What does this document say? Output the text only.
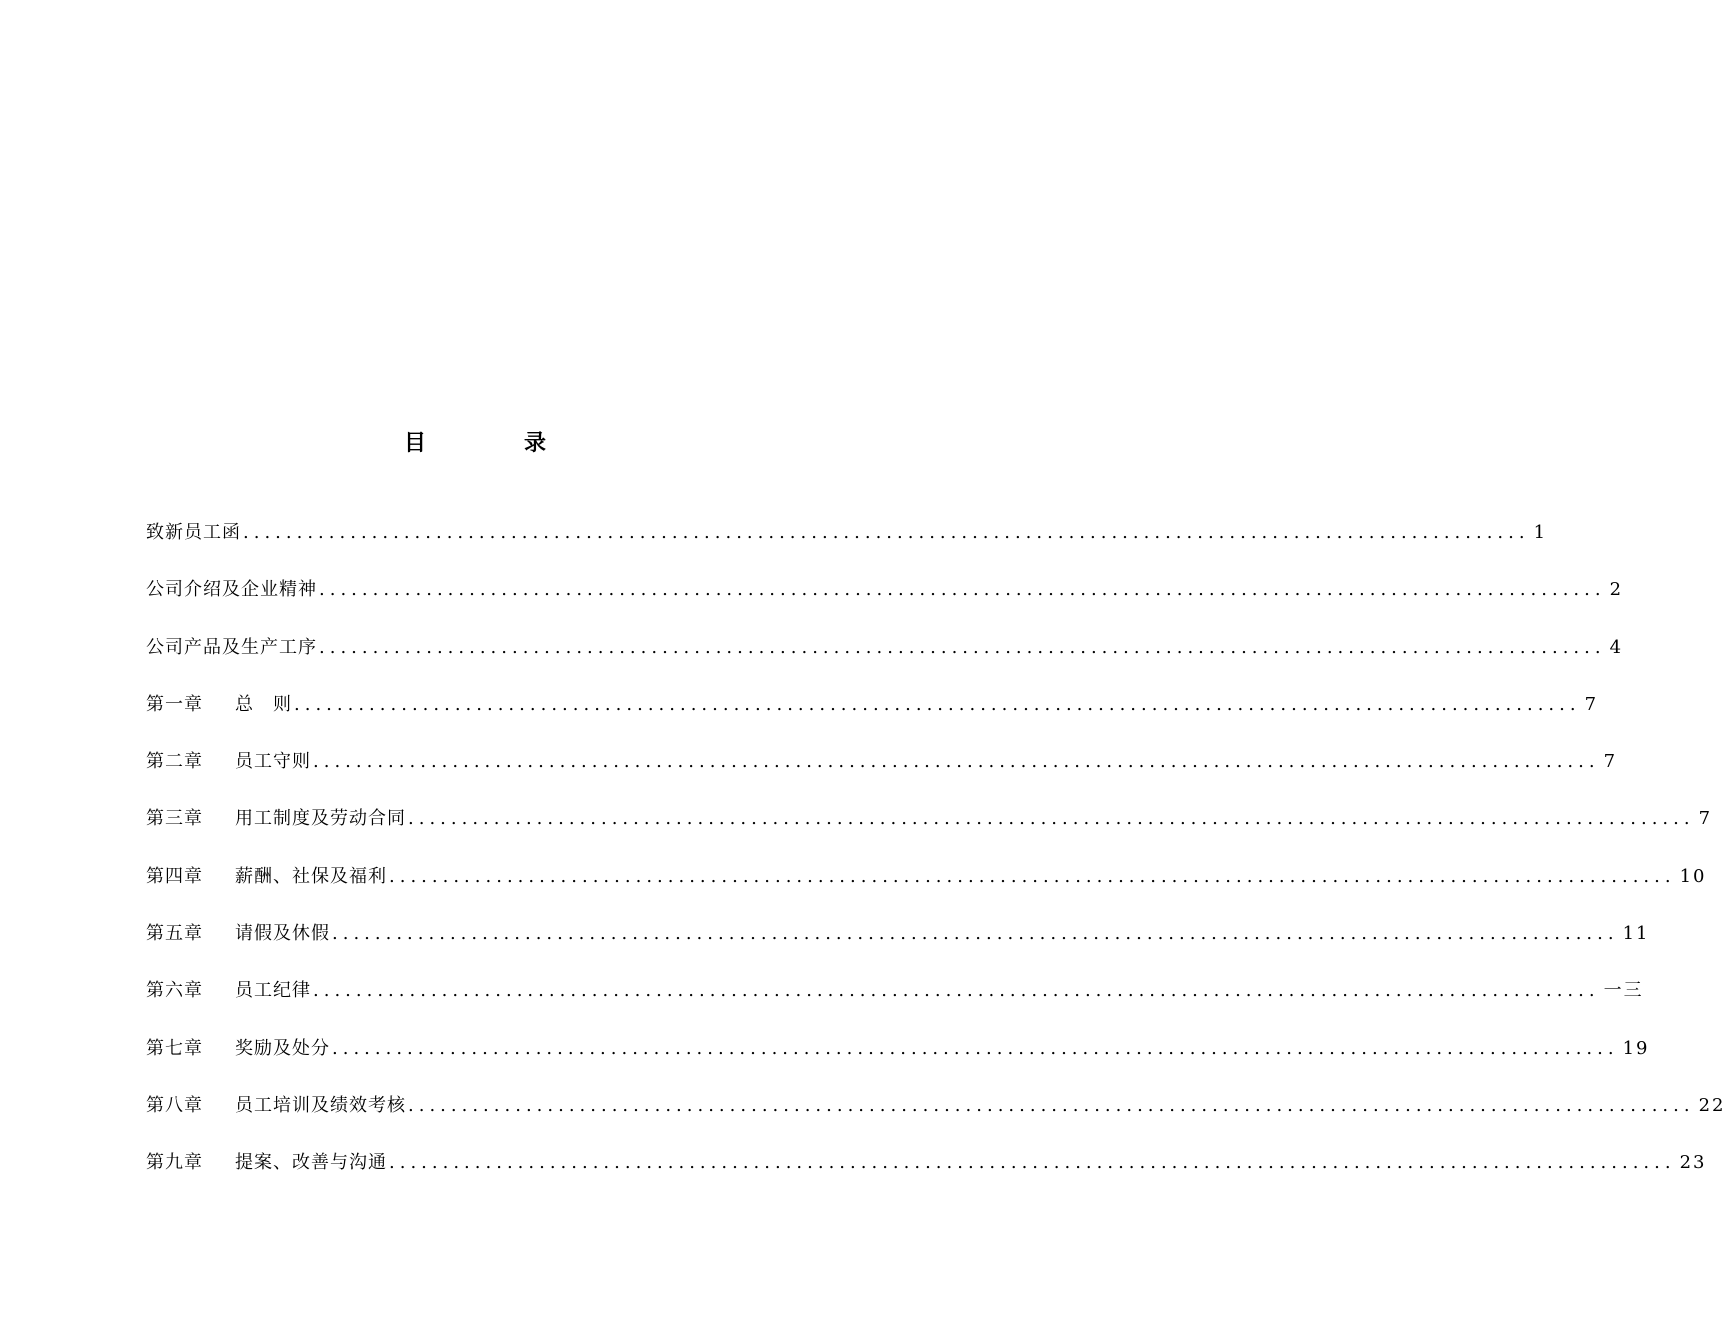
目　录
致新员工函 ........................................................................................................................ 1
公司介绍及企业精神 ........................................................................................................................ 2
公司产品及生产工序 ........................................................................................................................ 4
第一章	总　则 ........................................................................................................................ 7
第二章	员工守则 ........................................................................................................................ 7
第三章	用工制度及劳动合同 ........................................................................................................................ 7
第四章	薪酬、社保及福利 ........................................................................................................................ 10
第五章	请假及休假 ........................................................................................................................ 11
第六章	员工纪律 ........................................................................................................................ 一三
第七章	奖励及处分 ........................................................................................................................ 19
第八章	员工培训及绩效考核 ........................................................................................................................ 22
第九章	提案、改善与沟通 ........................................................................................................................ 23
